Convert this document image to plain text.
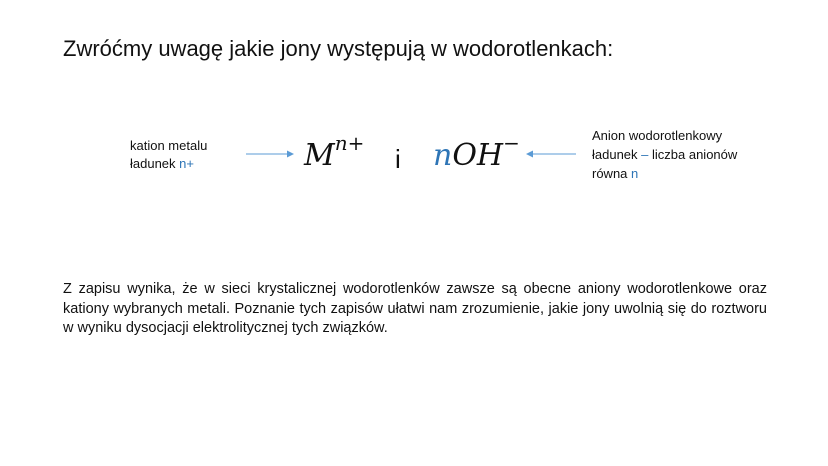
Zwróćmy uwagę jakie jony występują w wodorotlenkach:
kation metalu
ładunek n+	$M^{n+}$
i nOH−	Anion wodorotlenkowy
ładunek – liczba anionów
równa n
Z zapisu wynika, że w sieci krystalicznej wodorotlenków zawsze są obecne aniony wodorotlenkowe oraz kationy wybranych metali. Poznanie tych zapisów ułatwi nam zrozumienie, jakie jony uwolnią się do roztworu w wyniku dysocjacji elektrolitycznej tych związków.
